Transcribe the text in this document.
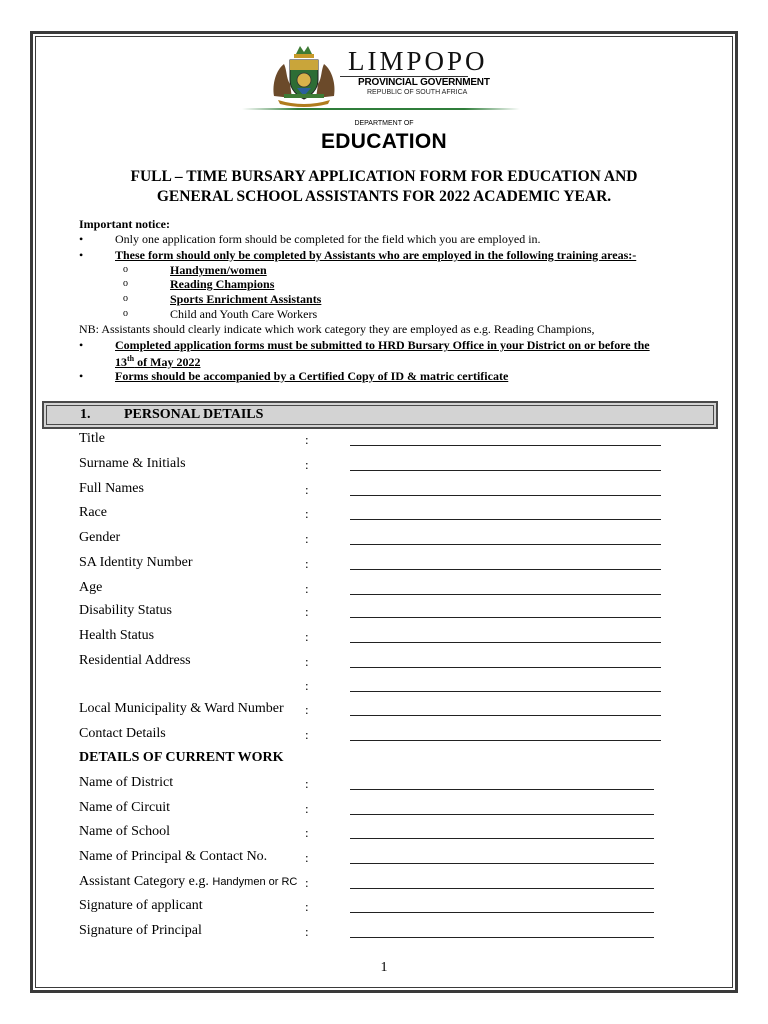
LIMPOPO
PROVINCIAL GOVERNMENT
REPUBLIC OF SOUTH AFRICA
DEPARTMENT OF
EDUCATION
FULL – TIME BURSARY APPLICATION FORM FOR EDUCATION AND
GENERAL SCHOOL ASSISTANTS FOR 2022 ACADEMIC YEAR.
Important notice:
•	Only one application form should be completed for the field which you are employed in.
•	These form should only be completed by Assistants who are employed in the following training areas:-
o	Handymen/women
o	Reading Champions
o	Sports Enrichment Assistants
o	Child and Youth Care Workers
NB: Assistants should clearly indicate which work category they are employed as e.g. Reading Champions,
•	Completed application forms must be submitted to HRD Bursary Office in your District on or before the
13th of May 2022
•	Forms should be accompanied by a Certified Copy of ID & matric certificate
1. PERSONAL DETAILS
Title	:
Surname & Initials	:
Full Names	:
Race	:
Gender	:
SA Identity Number	:
Age	:
Disability Status	:
Health Status	:
Residential Address	:
:
Local Municipality & Ward Number :
Contact Details	:
DETAILS OF CURRENT WORK
Name of District	:
Name of Circuit	:
Name of School	:
Name of Principal & Contact No.	:
Assistant Category e.g. Handymen or RC :
Signature of applicant	:
Signature of Principal	:
1
